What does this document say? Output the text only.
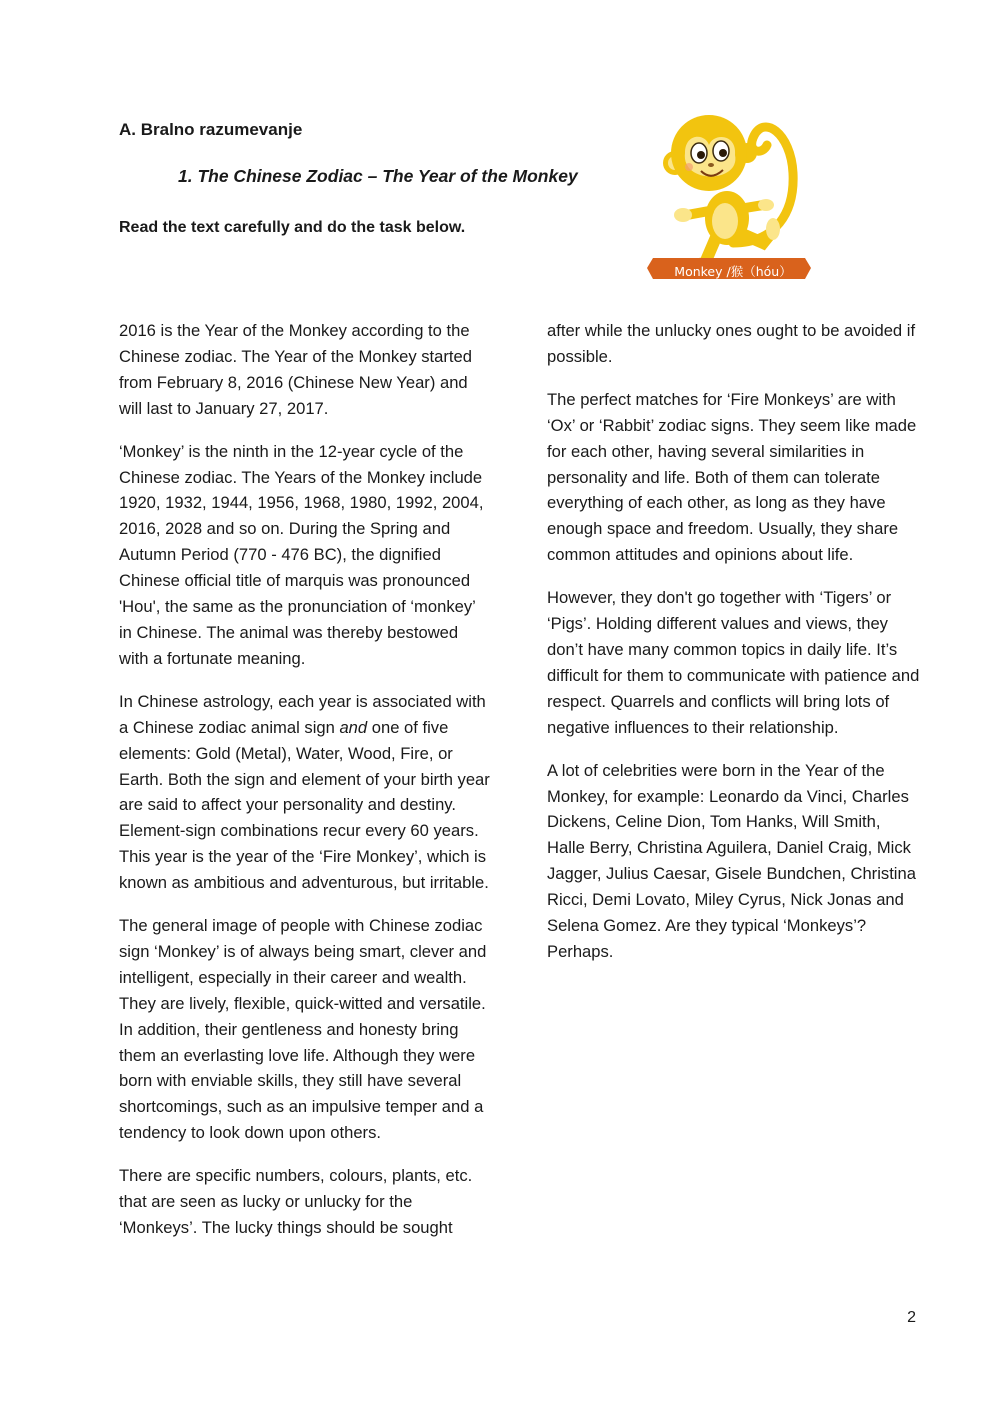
A. Bralno razumevanje
1. The Chinese Zodiac – The Year of the Monkey

Read the text carefully and do the task below.

Monkey /猴（hóu）

2016 is the Year of the Monkey according to the Chinese zodiac. The Year of the Monkey started from February 8, 2016 (Chinese New Year) and will last to January 27, 2017.

‘Monkey’ is the ninth in the 12-year cycle of the Chinese zodiac. The Years of the Monkey include 1920, 1932, 1944, 1956, 1968, 1980, 1992, 2004, 2016, 2028 and so on. During the Spring and Autumn Period (770 - 476 BC), the dignified Chinese official title of marquis was pronounced 'Hou', the same as the pronunciation of ‘monkey’ in Chinese. The animal was thereby bestowed with a fortunate meaning.

In Chinese astrology, each year is associated with a Chinese zodiac animal sign and one of five elements: Gold (Metal), Water, Wood, Fire, or Earth. Both the sign and element of your birth year are said to affect your personality and destiny. Element-sign combinations recur every 60 years. This year is the year of the ‘Fire Monkey’, which is known as ambitious and adventurous, but irritable.

The general image of people with Chinese zodiac sign ‘Monkey’ is of always being smart, clever and intelligent, especially in their career and wealth. They are lively, flexible, quick-witted and versatile. In addition, their gentleness and honesty bring them an everlasting love life. Although they were born with enviable skills, they still have several shortcomings, such as an impulsive temper and a tendency to look down upon others.

There are specific numbers, colours, plants, etc. that are seen as lucky or unlucky for the ‘Monkeys’. The lucky things should be sought

after while the unlucky ones ought to be avoided if possible.

The perfect matches for ‘Fire Monkeys’ are with ‘Ox’ or ‘Rabbit’ zodiac signs. They seem like made for each other, having several similarities in personality and life. Both of them can tolerate everything of each other, as long as they have enough space and freedom. Usually, they share common attitudes and opinions about life.

However, they don't go together with ‘Tigers’ or ‘Pigs’. Holding different values and views, they don’t have many common topics in daily life. It’s difficult for them to communicate with patience and respect. Quarrels and conflicts will bring lots of negative influences to their relationship.

A lot of celebrities were born in the Year of the Monkey, for example: Leonardo da Vinci, Charles Dickens, Celine Dion, Tom Hanks, Will Smith, Halle Berry, Christina Aguilera, Daniel Craig, Mick Jagger, Julius Caesar, Gisele Bundchen, Christina Ricci, Demi Lovato, Miley Cyrus, Nick Jonas and Selena Gomez. Are they typical ‘Monkeys’? Perhaps.

2
